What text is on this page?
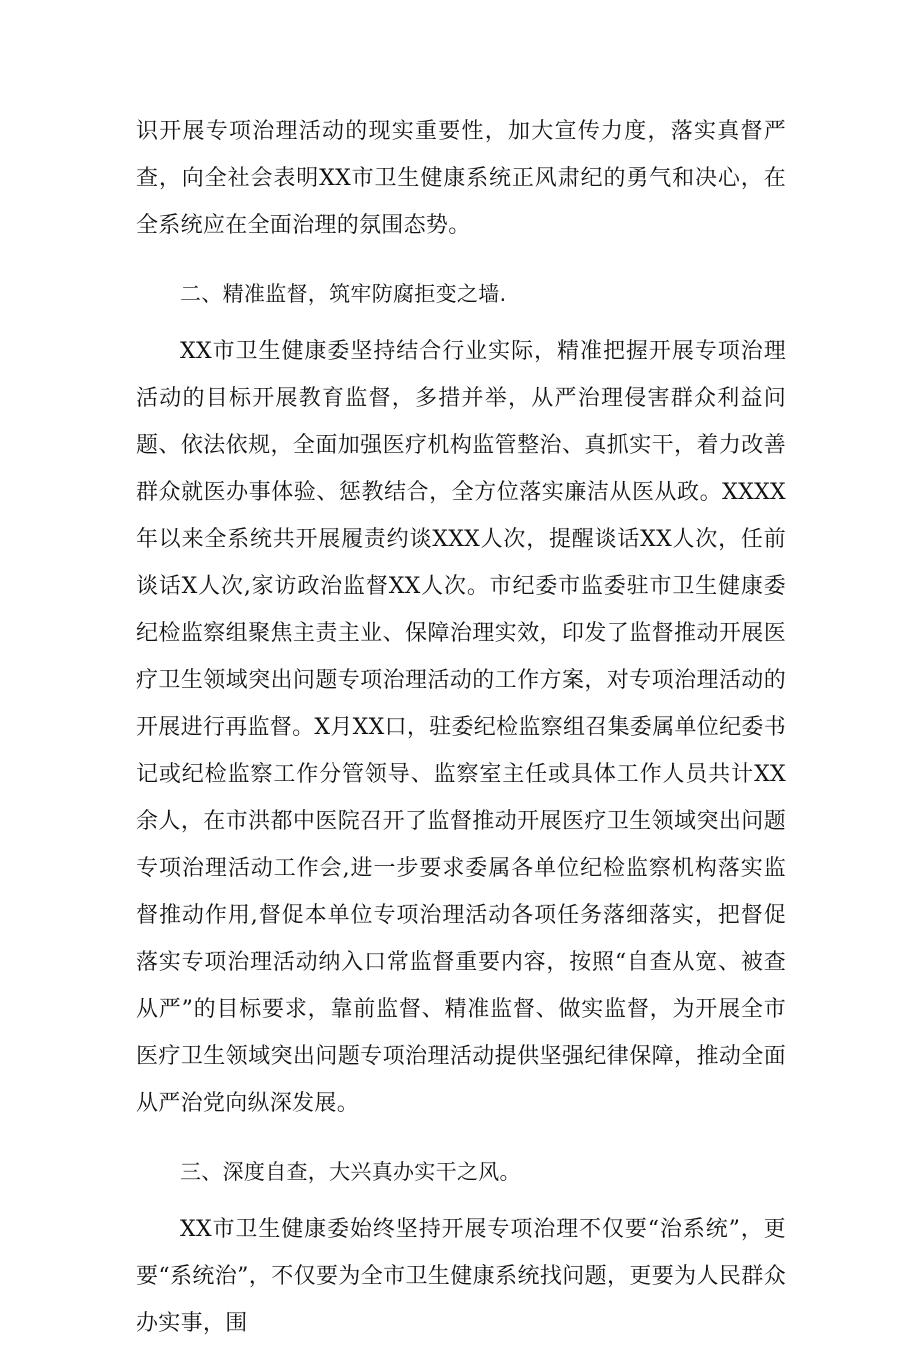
识开展专项治理活动的现实重要性，加大宣传力度，落实真督严查，向全社会表明XX市卫生健康系统正风肃纪的勇气和决心，在全系统应在全面治理的氛围态势。

二、精准监督，筑牢防腐拒变之墙.

XX市卫生健康委坚持结合行业实际，精准把握开展专项治理活动的目标开展教育监督，多措并举，从严治理侵害群众利益问题、依法依规，全面加强医疗机构监管整治、真抓实干，着力改善群众就医办事体验、惩教结合，全方位落实廉洁从医从政。XXXX年以来全系统共开展履责约谈XXX人次，提醒谈话XX人次，任前谈话X人次,家访政治监督XX人次。市纪委市监委驻市卫生健康委纪检监察组聚焦主责主业、保障治理实效，印发了监督推动开展医疗卫生领域突出问题专项治理活动的工作方案，对专项治理活动的开展进行再监督。X月XX口，驻委纪检监察组召集委属单位纪委书记或纪检监察工作分管领导、监察室主任或具体工作人员共计XX余人，在市洪都中医院召开了监督推动开展医疗卫生领域突出问题专项治理活动工作会,进一步要求委属各单位纪检监察机构落实监督推动作用,督促本单位专项治理活动各项任务落细落实，把督促落实专项治理活动纳入口常监督重要内容，按照“自查从宽、被查从严”的目标要求，靠前监督、精准监督、做实监督，为开展全市医疗卫生领域突出问题专项治理活动提供坚强纪律保障，推动全面从严治党向纵深发展。

三、深度自查，大兴真办实干之风。

XX市卫生健康委始终坚持开展专项治理不仅要“治系统”，更要“系统治”，不仅要为全市卫生健康系统找问题，更要为人民群众办实事，围
